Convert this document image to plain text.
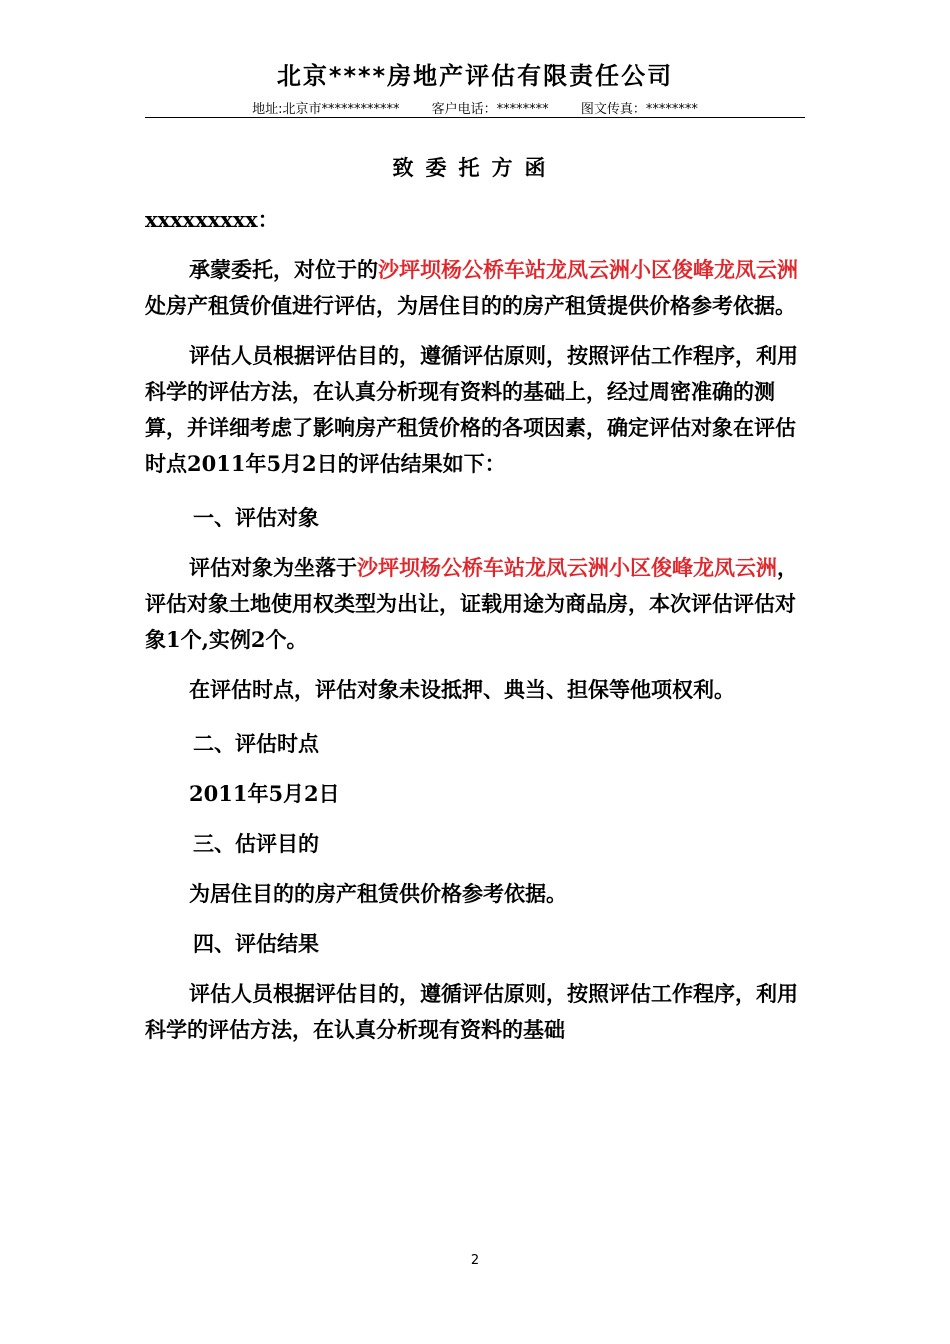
北京****房地产评估有限责任公司
地址:北京市************ 客户电话：******** 图文传真：********
致委托方函

xxxxxxxxx：

承蒙委托，对位于的沙坪坝杨公桥车站龙凤云洲小区俊峰龙凤云洲处房产租赁价值进行评估，为居住目的的房产租赁提供价格参考依据。

评估人员根据评估目的，遵循评估原则，按照评估工作程序，利用科学的评估方法，在认真分析现有资料的基础上，经过周密准确的测算，并详细考虑了影响房产租赁价格的各项因素，确定评估对象在评估时点2011年5月2日的评估结果如下：

一、评估对象

评估对象为坐落于沙坪坝杨公桥车站龙凤云洲小区俊峰龙凤云洲，评估对象土地使用权类型为出让，证载用途为商品房，本次评估评估对象1个,实例2个。

在评估时点，评估对象未设抵押、典当、担保等他项权利。

二、评估时点

2011年5月2日

三、估评目的

为居住目的的房产租赁供价格参考依据。

四、评估结果

评估人员根据评估目的，遵循评估原则，按照评估工作程序，利用科学的评估方法，在认真分析现有资料的基础

2
